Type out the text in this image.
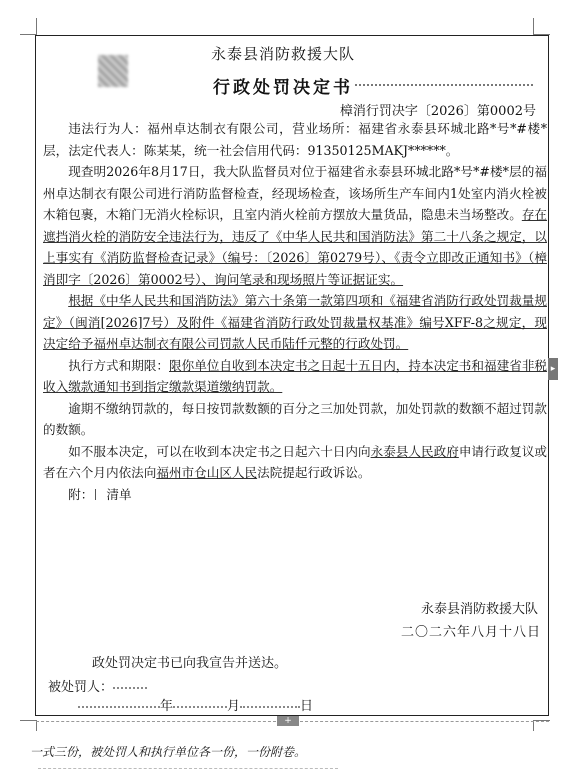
永泰县消防救援大队
行政处罚决定书
樟消行罚决字〔2026〕第0002号

违法行为人：福州卓达制衣有限公司，营业场所：福建省永泰县环城北路*号*#楼*层，法定代表人：陈某某，统一社会信用代码：91350125MAKJ******。

现查明2026年8月17日，我大队监督员对位于福建省永泰县环城北路*号*#楼*层的福州卓达制衣有限公司进行消防监督检查，经现场检查，该场所生产车间内1处室内消火栓被木箱包裹，木箱门无消火栓标识，且室内消火栓前方摆放大量货品，隐患未当场整改。存在遮挡消火栓的消防安全违法行为，违反了《中华人民共和国消防法》第二十八条之规定，以上事实有《消防监督检查记录》（编号：〔2026〕第0279号）、《责令立即改正通知书》（樟消即字〔2026〕第0002号）、询问笔录和现场照片等证据证实。

根据《中华人民共和国消防法》第六十条第一款第四项和《福建省消防行政处罚裁量规定》（闽消[2026]7号）及附件《福建省消防行政处罚裁量权基准》编号XFF-8之规定，现决定给予福州卓达制衣有限公司罚款人民币陆仟元整的行政处罚。

执行方式和期限：限你单位自收到本决定书之日起十五日内，持本决定书和福建省非税收入缴款通知书到指定缴款渠道缴纳罚款。

逾期不缴纳罚款的，每日按罚款数额的百分之三加处罚款，加处罚款的数额不超过罚款的数额。

如不服本决定，可以在收到本决定书之日起六十日内向永泰县人民政府申请行政复议或者在六个月内依法向福州市仓山区人民法院提起行政诉讼。

附： 清单

永泰县消防救援大队
二〇二六年八月十八日
政处罚决定书已向我宣告并送达。
被处罚人：
年	月	日
▸
+
一式三份，被处罚人和执行单位各一份，一份附卷。
